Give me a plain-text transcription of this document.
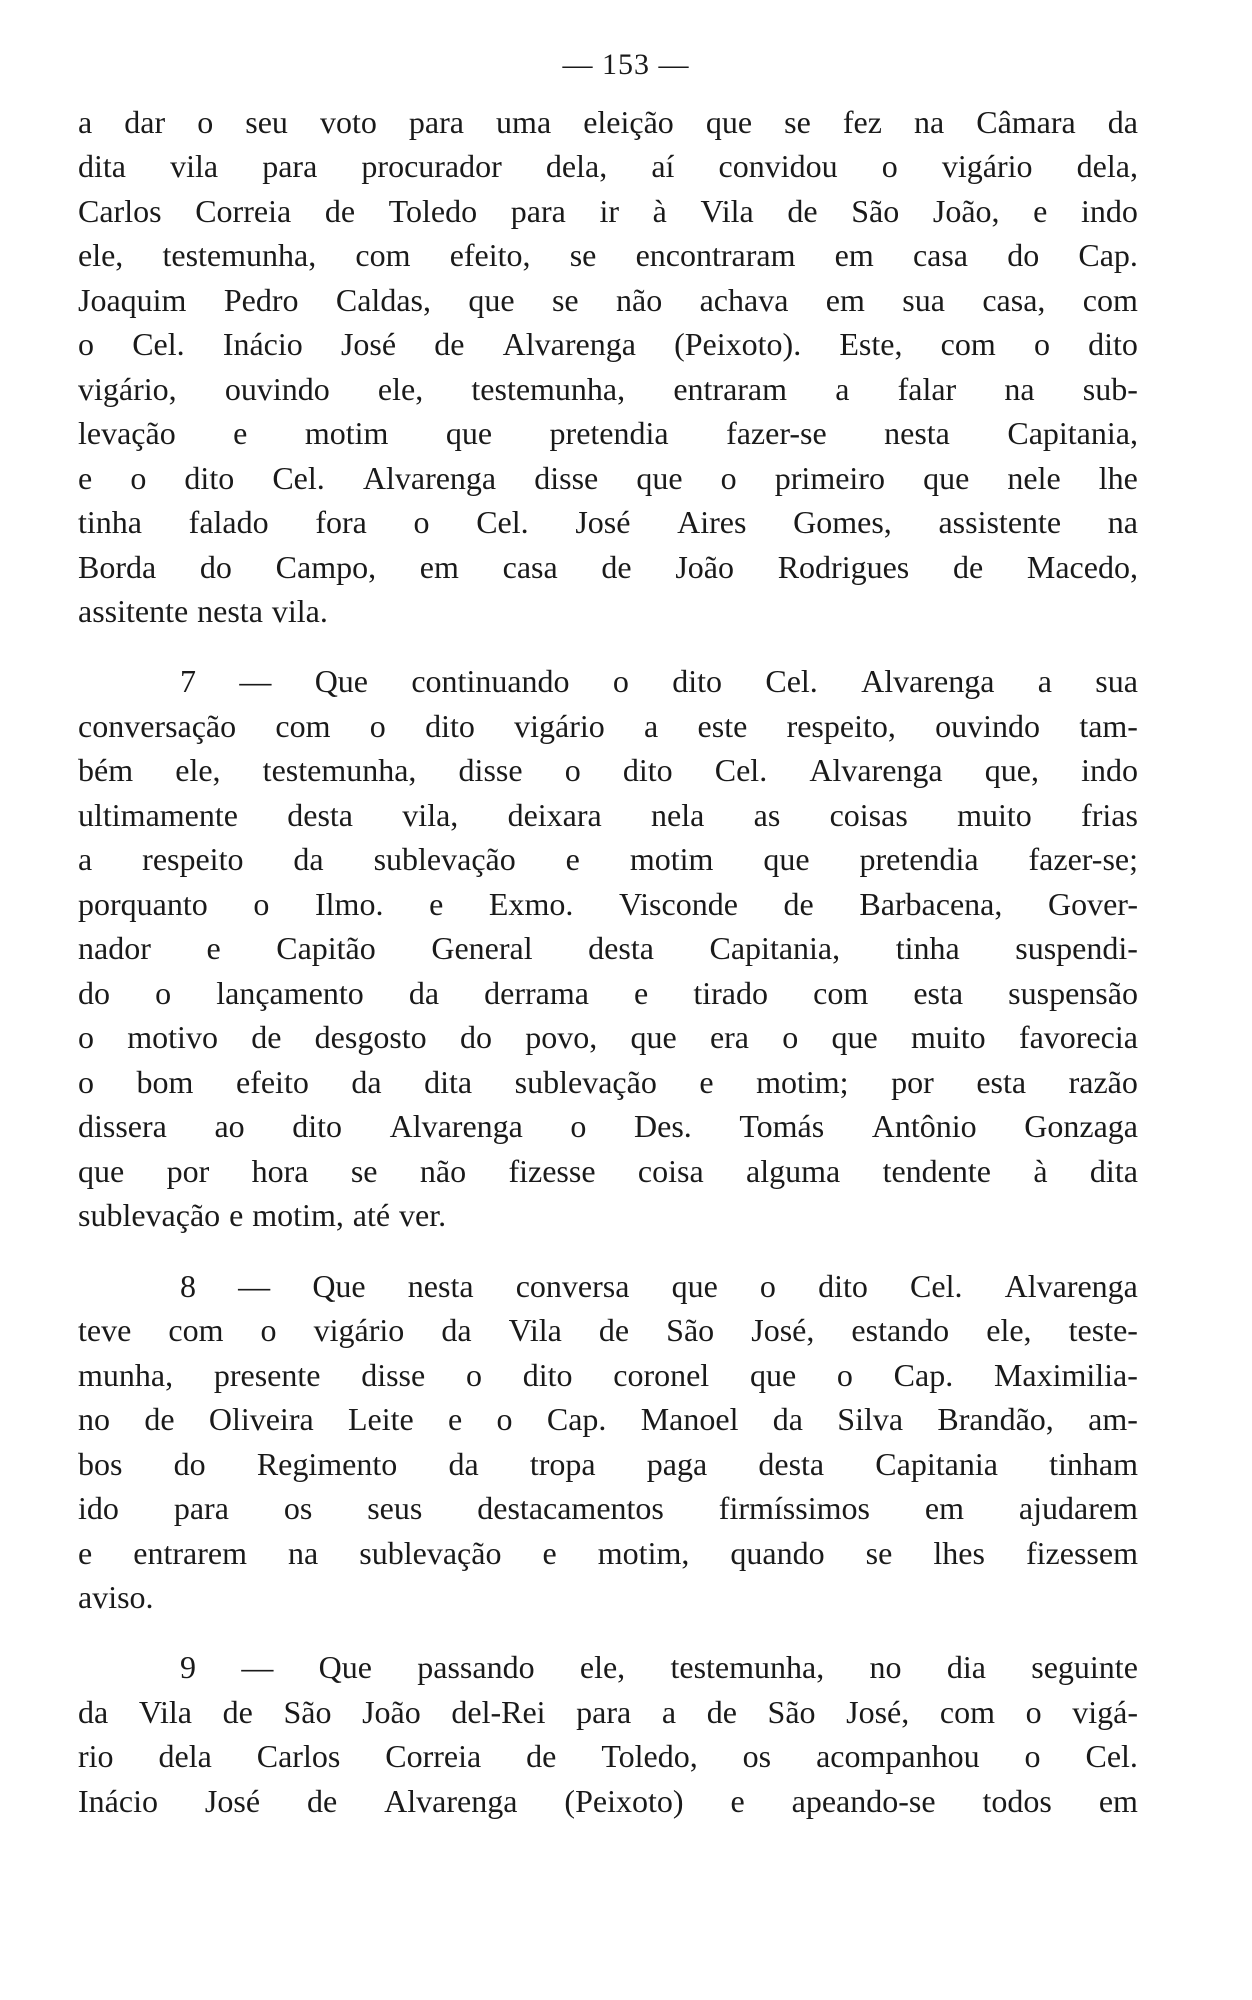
— 153 —
a dar o seu voto para uma eleição que se fez na Câmara da
dita vila para procurador dela, aí convidou o vigário dela,
Carlos Correia de Toledo para ir à Vila de São João, e indo
ele, testemunha, com efeito, se encontraram em casa do Cap.
Joaquim Pedro Caldas, que se não achava em sua casa, com
o Cel. Inácio José de Alvarenga (Peixoto). Este, com o dito
vigário, ouvindo ele, testemunha, entraram a falar na sub-
levação e motim que pretendia fazer-se nesta Capitania,
e o dito Cel. Alvarenga disse que o primeiro que nele lhe
tinha falado fora o Cel. José Aires Gomes, assistente na
Borda do Campo, em casa de João Rodrigues de Macedo,
assitente nesta vila.
7 — Que continuando o dito Cel. Alvarenga a sua
conversação com o dito vigário a este respeito, ouvindo tam-
bém ele, testemunha, disse o dito Cel. Alvarenga que, indo
ultimamente desta vila, deixara nela as coisas muito frias
a respeito da sublevação e motim que pretendia fazer-se;
porquanto o Ilmo. e Exmo. Visconde de Barbacena, Gover-
nador e Capitão General desta Capitania, tinha suspendi-
do o lançamento da derrama e tirado com esta suspensão
o motivo de desgosto do povo, que era o que muito favorecia
o bom efeito da dita sublevação e motim; por esta razão
dissera ao dito Alvarenga o Des. Tomás Antônio Gonzaga
que por hora se não fizesse coisa alguma tendente à dita
sublevação e motim, até ver.
8 — Que nesta conversa que o dito Cel. Alvarenga
teve com o vigário da Vila de São José, estando ele, teste-
munha, presente disse o dito coronel que o Cap. Maximilia-
no de Oliveira Leite e o Cap. Manoel da Silva Brandão, am-
bos do Regimento da tropa paga desta Capitania tinham
ido para os seus destacamentos firmíssimos em ajudarem
e entrarem na sublevação e motim, quando se lhes fizessem
aviso.
9 — Que passando ele, testemunha, no dia seguinte
da Vila de São João del-Rei para a de São José, com o vigá-
rio dela Carlos Correia de Toledo, os acompanhou o Cel.
Inácio José de Alvarenga (Peixoto) e apeando-se todos em
